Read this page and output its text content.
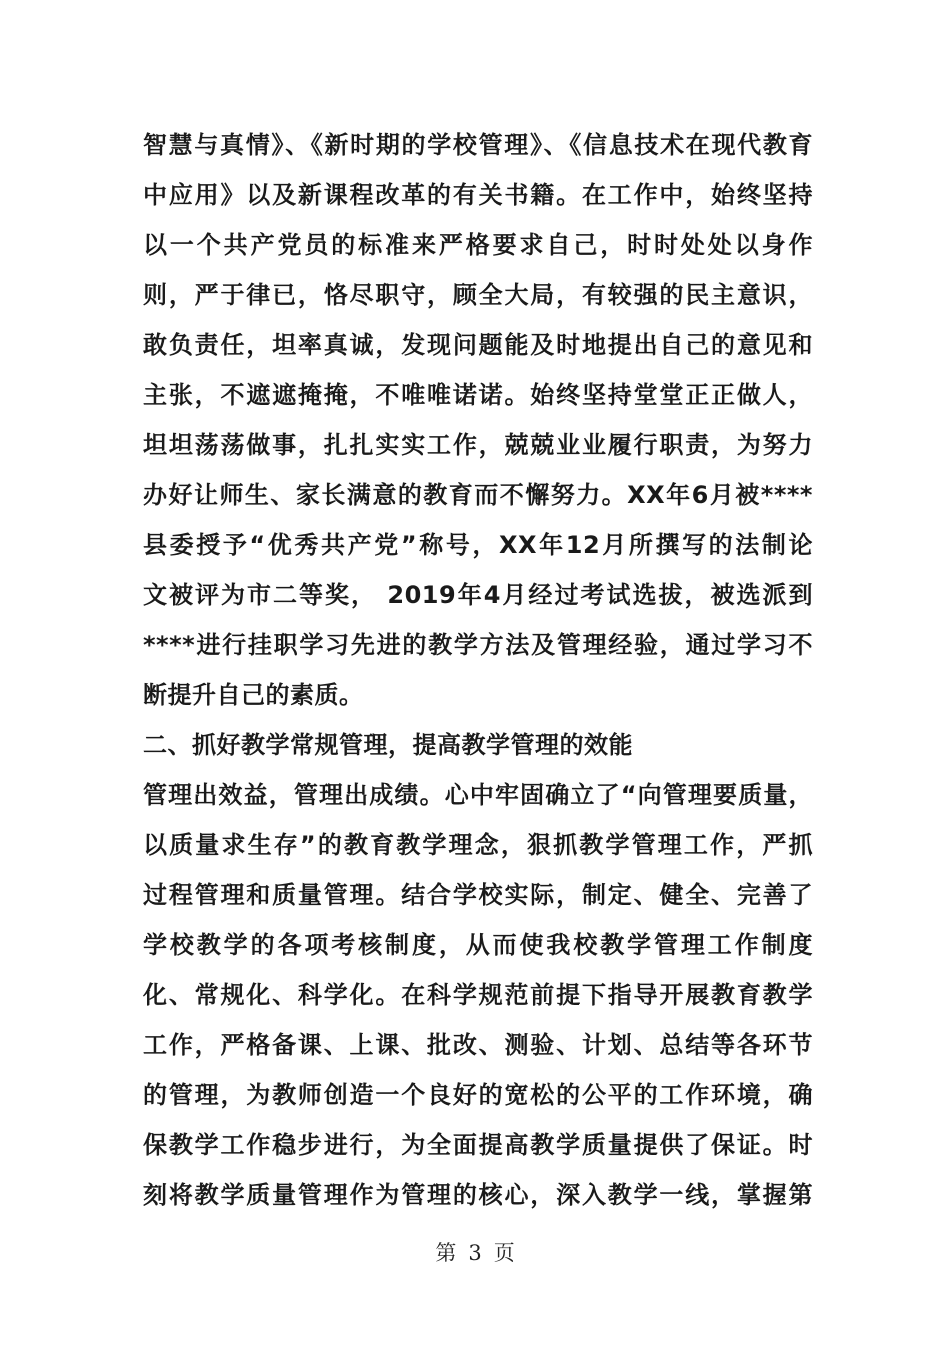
智慧与真情》、《新时期的学校管理》、《信息技术在现代教育
中应用》以及新课程改革的有关书籍。在工作中，始终坚持
以一个共产党员的标准来严格要求自己，时时处处以身作
则，严于律已，恪尽职守，顾全大局，有较强的民主意识，
敢负责任，坦率真诚，发现问题能及时地提出自己的意见和
主张，不遮遮掩掩，不唯唯诺诺。始终坚持堂堂正正做人，
坦坦荡荡做事，扎扎实实工作，兢兢业业履行职责，为努力
办好让师生、家长满意的教育而不懈努力。XX年6月被****
县委授予“优秀共产党”称号，XX年12月所撰写的法制论
文被评为市二等奖， 2019年4月经过考试选拔，被选派到
****进行挂职学习先进的教学方法及管理经验，通过学习不
断提升自己的素质。
二、抓好教学常规管理，提高教学管理的效能
管理出效益，管理出成绩。心中牢固确立了“向管理要质量，
以质量求生存”的教育教学理念，狠抓教学管理工作，严抓
过程管理和质量管理。结合学校实际，制定、健全、完善了
学校教学的各项考核制度，从而使我校教学管理工作制度
化、常规化、科学化。在科学规范前提下指导开展教育教学
工作，严格备课、上课、批改、测验、计划、总结等各环节
的管理，为教师创造一个良好的宽松的公平的工作环境，确
保教学工作稳步进行，为全面提高教学质量提供了保证。时
刻将教学质量管理作为管理的核心，深入教学一线，掌握第
第 3 页
